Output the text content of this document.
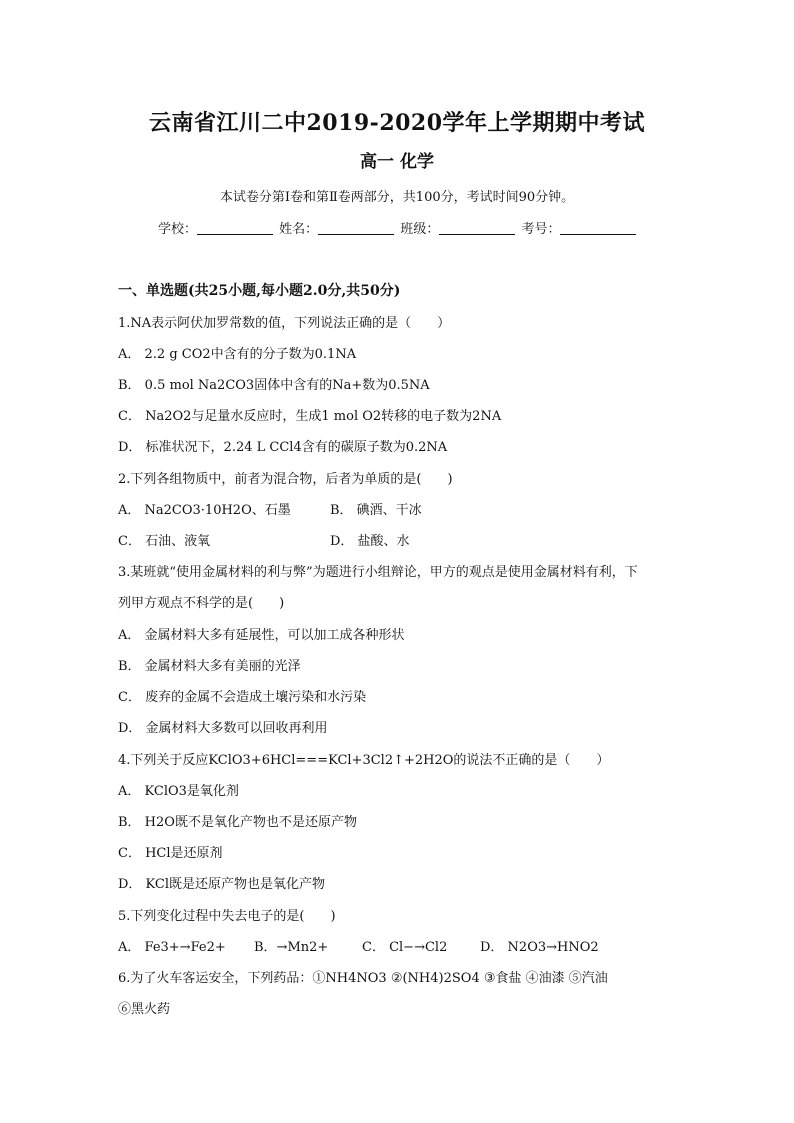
云南省江川二中2019-2020学年上学期期中考试
高一 化学
本试卷分第Ⅰ卷和第Ⅱ卷两部分，共100分，考试时间90分钟。
学校：	姓名：	班级：	考号：
一、单选题(共25小题,每小题2.0分,共50分)
1.NA表示阿伏加罗常数的值，下列说法正确的是（　　）
A． 2.2 g CO2中含有的分子数为0.1NA
B． 0.5 mol Na2CO3固体中含有的Na+数为0.5NA
C． Na2O2与足量水反应时，生成1 mol O2转移的电子数为2NA
D． 标准状况下，2.24 L CCl4含有的碳原子数为0.2NA
2.下列各组物质中，前者为混合物，后者为单质的是(　　)
A． Na2CO3·10H2O、石墨	B． 碘酒、干冰
C． 石油、液氧	D． 盐酸、水
3.某班就“使用金属材料的利与弊”为题进行小组辩论，甲方的观点是使用金属材料有利，下
列甲方观点不科学的是(　　)
A． 金属材料大多有延展性，可以加工成各种形状
B． 金属材料大多有美丽的光泽
C． 废弃的金属不会造成土壤污染和水污染
D． 金属材料大多数可以回收再利用
4.下列关于反应KClO3+6HCl===KCl+3Cl2↑+2H2O的说法不正确的是（　　）
A． KClO3是氧化剂
B． H2O既不是氧化产物也不是还原产物
C． HCl是还原剂
D． KCl既是还原产物也是氧化产物
5.下列变化过程中失去电子的是(　　)
A． Fe3+→Fe2+ B．→Mn2+	C． Cl−→Cl2	D． N2O3→HNO2
6.为了火车客运安全，下列药品：①NH4NO3 ②(NH4)2SO4 ③食盐 ④油漆 ⑤汽油
⑥黑火药
